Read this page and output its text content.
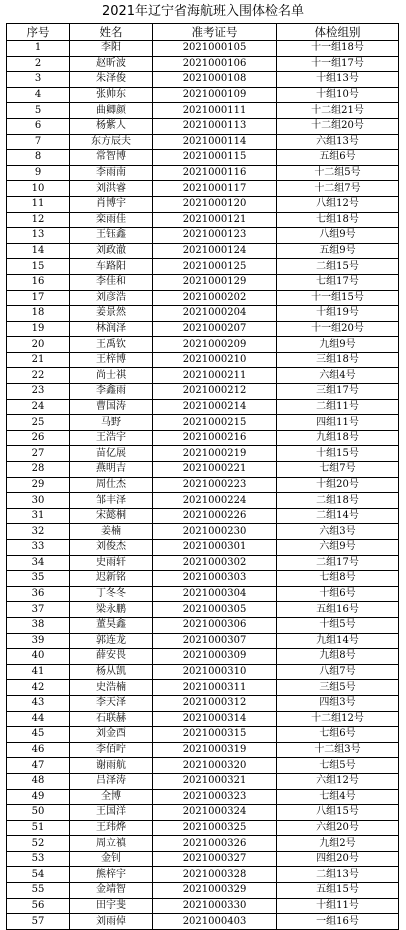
2021年辽宁省海航班入围体检名单
序号	姓名	准考证号	体检组别
1	李阳	2021000105	十一组18号
2	赵昕波	2021000106	十一组17号
3	朱泽俊	2021000108	十组13号
4	张帅东	2021000109	十组10号
5	曲卿颜	2021000111	十二组21号
6	杨紫人	2021000113	十二组20号
7	东方辰夫	2021000114	六组13号
8	常智博	2021000115	五组6号
9	李雨南	2021000116	十二组5号
10	刘洪睿	2021000117	十二组7号
11	肖博宇	2021000120	八组12号
12	栾雨佳	2021000121	七组18号
13	王钰鑫	2021000123	八组9号
14	刘政澈	2021000124	五组9号
15	车路阳	2021000125	二组15号
16	李佳和	2021000129	七组17号
17	刘彦浩	2021000202	十一组15号
18	姜景然	2021000204	十组19号
19	林润泽	2021000207	十一组20号
20	王禹钦	2021000209	九组9号
21	王梓博	2021000210	三组18号
22	尚士祺	2021000211	六组4号
23	李鑫雨	2021000212	三组17号
24	曹国涛	2021000214	二组11号
25	马野	2021000215	四组11号
26	王浩宇	2021000216	九组18号
27	苗亿展	2021000219	十组15号
28	燕明吉	2021000221	七组7号
29	周仕杰	2021000223	十组20号
30	邹丰泽	2021000224	二组18号
31	宋懿桐	2021000226	二组14号
32	姜楠	2021000230	六组3号
33	刘俊杰	2021000301	六组9号
34	史雨轩	2021000302	二组17号
35	迟新铭	2021000303	七组8号
36	丁冬冬	2021000304	十组6号
37	梁永鹏	2021000305	五组16号
38	董昊鑫	2021000306	十组5号
39	郭连龙	2021000307	九组14号
40	薛安畏	2021000309	九组8号
41	杨从凯	2021000310	八组7号
42	史浩楠	2021000311	三组5号
43	李天泽	2021000312	四组3号
44	石联赫	2021000314	十二组12号
45	刘金酉	2021000315	七组6号
46	李佰咛	2021000319	十二组3号
47	谢雨航	2021000320	七组5号
48	吕泽涛	2021000321	六组12号
49	全博	2021000323	七组4号
50	王国洋	2021000324	八组15号
51	王玮烨	2021000325	六组20号
52	周立禛	2021000326	九组2号
53	金钊	2021000327	四组20号
54	熊梓宇	2021000328	二组13号
55	金靖智	2021000329	五组15号
56	田宇斐	2021000330	十组11号
57	刘雨倬	2021000403	一组16号
